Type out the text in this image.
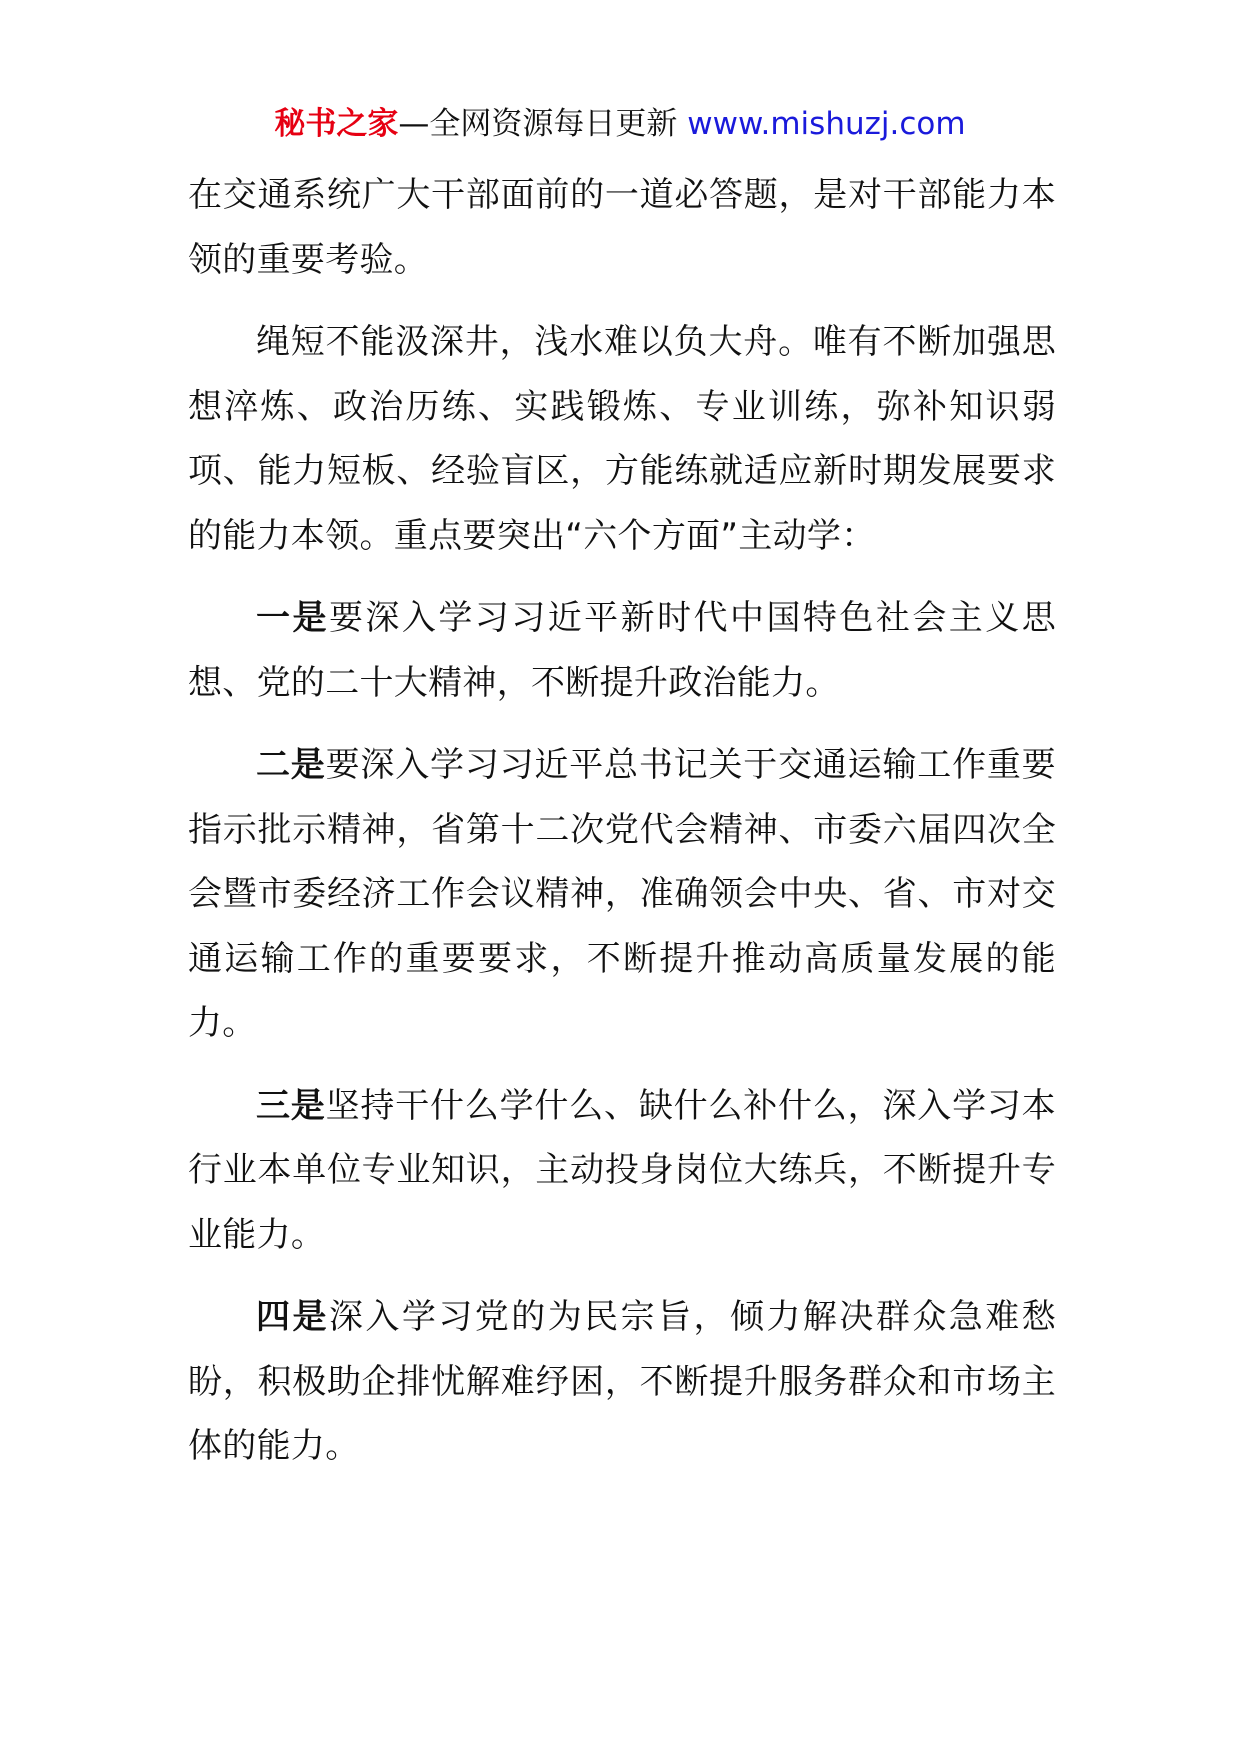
秘书之家—全网资源每日更新 www.mishuzj.com

在交通系统广大干部面前的一道必答题，是对干部能力本领的重要考验。

绳短不能汲深井，浅水难以负大舟。唯有不断加强思想淬炼、政治历练、实践锻炼、专业训练，弥补知识弱项、能力短板、经验盲区，方能练就适应新时期发展要求的能力本领。重点要突出“六个方面”主动学：

一是要深入学习习近平新时代中国特色社会主义思想、党的二十大精神，不断提升政治能力。

二是要深入学习习近平总书记关于交通运输工作重要指示批示精神，省第十二次党代会精神、市委六届四次全会暨市委经济工作会议精神，准确领会中央、省、市对交通运输工作的重要要求，不断提升推动高质量发展的能力。

三是坚持干什么学什么、缺什么补什么，深入学习本行业本单位专业知识，主动投身岗位大练兵，不断提升专业能力。

四是深入学习党的为民宗旨，倾力解决群众急难愁盼，积极助企排忧解难纾困，不断提升服务群众和市场主体的能力。
